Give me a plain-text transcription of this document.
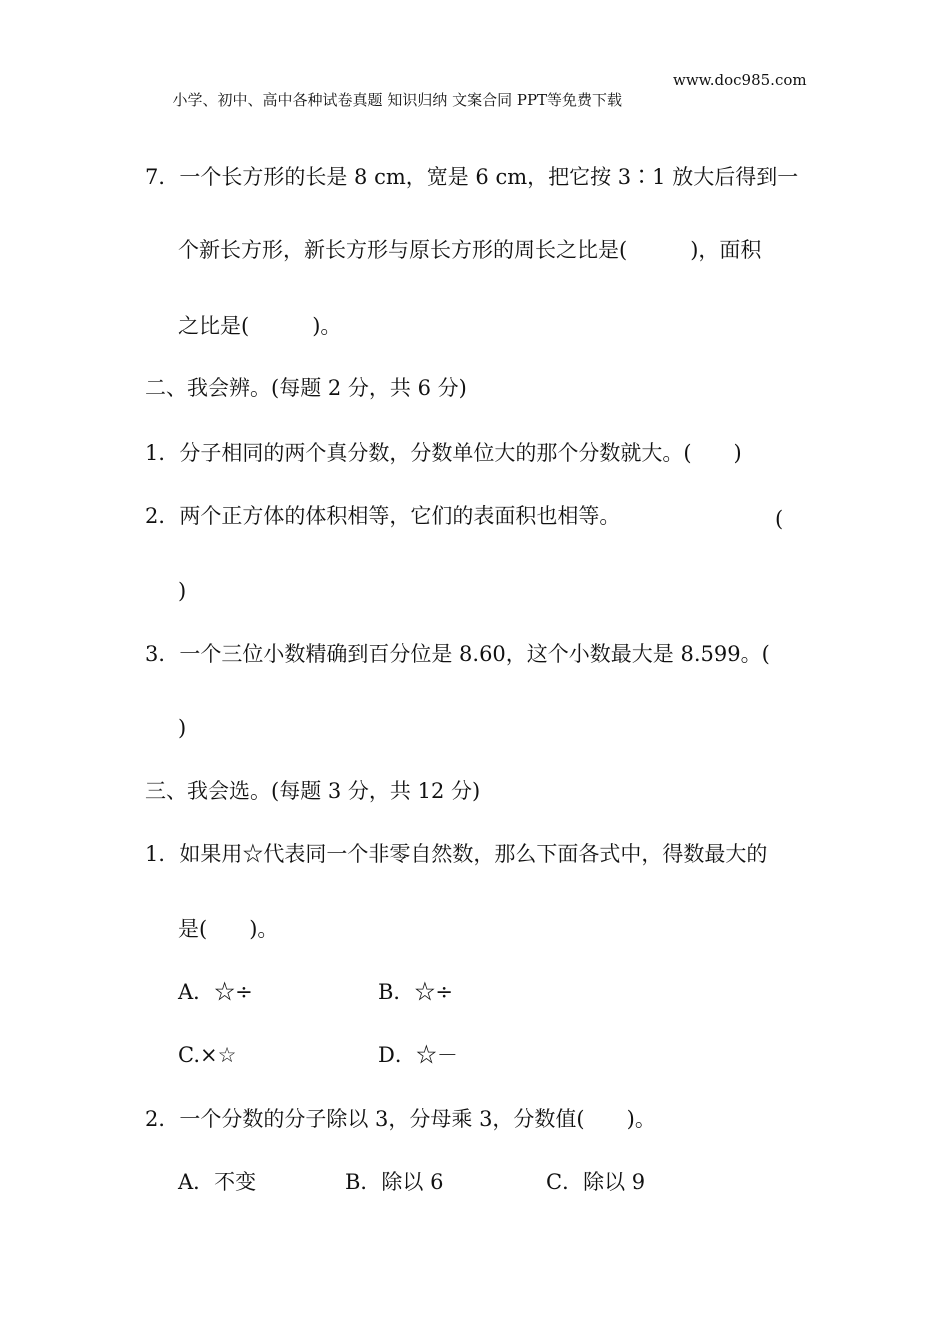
小学、初中、高中各种试卷真题 知识归纳 文案合同 PPT等免费下载

www.doc985.com

7．一个长方形的长是 8 cm，宽是 6 cm，把它按 3∶1 放大后得到一
个新长方形，新长方形与原长方形的周长之比是(　　　)，面积
之比是(　　　)。
二、我会辨。(每题 2 分，共 6 分)
1．分子相同的两个真分数，分数单位大的那个分数就大。(　　)
2．两个正方体的体积相等，它们的表面积也相等。	(
)
3．一个三位小数精确到百分位是 8.60，这个小数最大是 8.599。(
)
三、我会选。(每题 3 分，共 12 分)
1．如果用☆代表同一个非零自然数，那么下面各式中，得数最大的
是(　　)。
A．☆÷	B．☆÷
C.×☆	D．☆－
2．一个分数的分子除以 3，分母乘 3，分数值(　　)。
A．不变	B．除以 6	C．除以 9
